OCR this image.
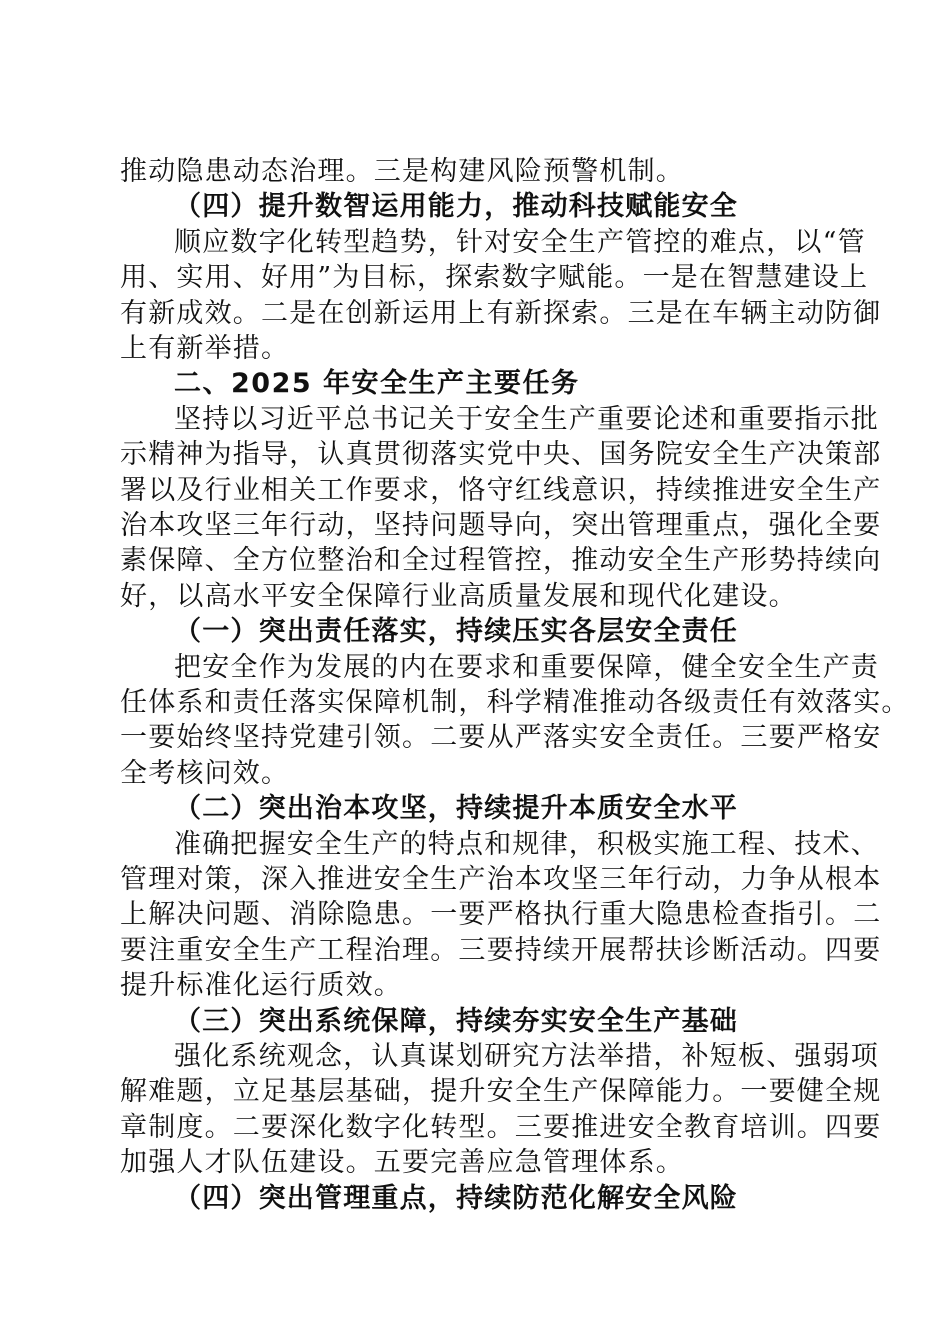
推动隐患动态治理。三是构建风险预警机制。
（四）提升数智运用能力，推动科技赋能安全
顺应数字化转型趋势，针对安全生产管控的难点，以“管
用、实用、好用”为目标，探索数字赋能。一是在智慧建设上
有新成效。二是在创新运用上有新探索。三是在车辆主动防御
上有新举措。
二、2025 年安全生产主要任务
坚持以习近平总书记关于安全生产重要论述和重要指示批
示精神为指导，认真贯彻落实党中央、国务院安全生产决策部
署以及行业相关工作要求，恪守红线意识，持续推进安全生产
治本攻坚三年行动，坚持问题导向，突出管理重点，强化全要
素保障、全方位整治和全过程管控，推动安全生产形势持续向
好，以高水平安全保障行业高质量发展和现代化建设。
（一）突出责任落实，持续压实各层安全责任
把安全作为发展的内在要求和重要保障，健全安全生产责
任体系和责任落实保障机制，科学精准推动各级责任有效落实。
一要始终坚持党建引领。二要从严落实安全责任。三要严格安
全考核问效。
（二）突出治本攻坚，持续提升本质安全水平
准确把握安全生产的特点和规律，积极实施工程、技术、
管理对策，深入推进安全生产治本攻坚三年行动，力争从根本
上解决问题、消除隐患。一要严格执行重大隐患检查指引。二
要注重安全生产工程治理。三要持续开展帮扶诊断活动。四要
提升标准化运行质效。
（三）突出系统保障，持续夯实安全生产基础
强化系统观念，认真谋划研究方法举措，补短板、强弱项
解难题，立足基层基础，提升安全生产保障能力。一要健全规
章制度。二要深化数字化转型。三要推进安全教育培训。四要
加强人才队伍建设。五要完善应急管理体系。
（四）突出管理重点，持续防范化解安全风险
